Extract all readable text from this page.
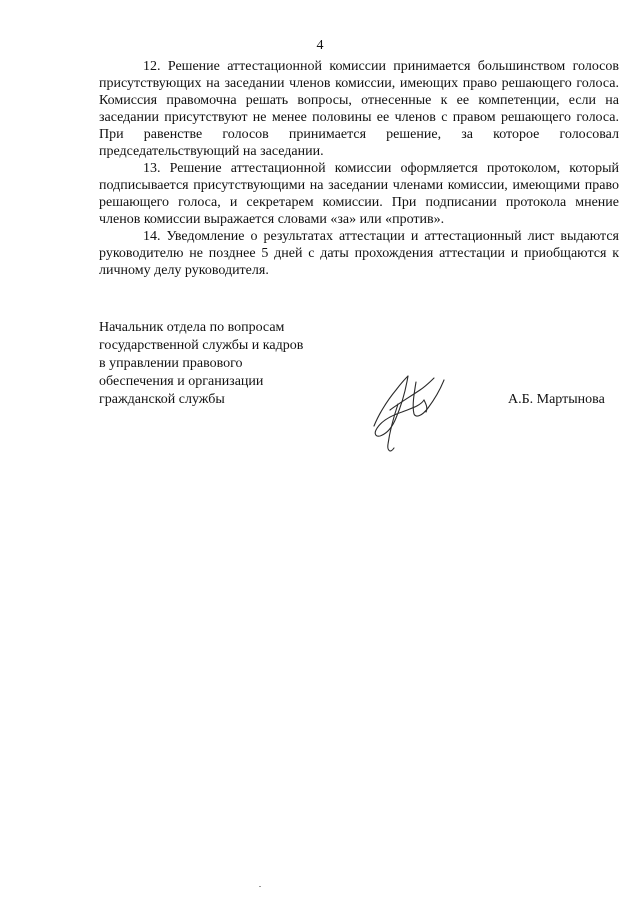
4

12. Решение аттестационной комиссии принимается большинством голосов присутствующих на заседании членов комиссии, имеющих право решающего голоса. Комиссия правомочна решать вопросы, отнесенные к ее компетенции, если на заседании присутствуют не менее половины ее членов с правом решающего голоса. При равенстве голосов принимается решение, за которое голосовал председательствующий на заседании.

13. Решение аттестационной комиссии оформляется протоколом, который подписывается присутствующими на заседании членами комиссии, имеющими право решающего голоса, и секретарем комиссии. При подписании протокола мнение членов комиссии выражается словами «за» или «против».

14. Уведомление о результатах аттестации и аттестационный лист выдаются руководителю не позднее 5 дней с даты прохождения аттестации и приобщаются к личному делу руководителя.

Начальник отдела по вопросам
государственной службы и кадров
в управлении правового
обеспечения и организации
гражданской службы	А.Б. Мартынова
